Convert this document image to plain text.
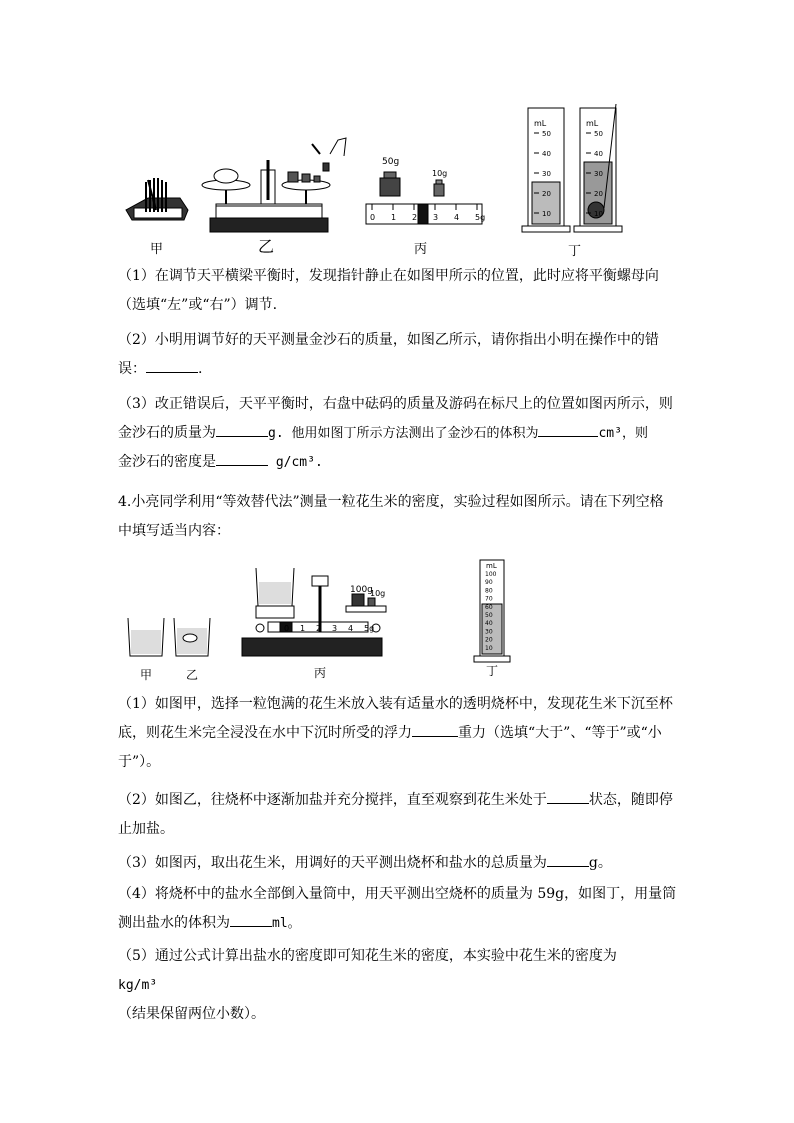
50g
10g
0 1 2 3 4 5g
mL	mL
50
40
30
20
10
50
40
30
20
10
甲	乙	丙	丁
（1）在调节天平横梁平衡时，发现指针静止在如图甲所示的位置，此时应将平衡螺母向
（选填“左”或“右”）调节.
（2）小明用调节好的天平测量金沙石的质量，如图乙所示，请你指出小明在操作中的错
误：	.
（3）改正错误后，天平平衡时，右盘中砝码的质量及游码在标尺上的位置如图丙所示，则
金沙石的质量为	g. 他用如图丁所示方法测出了金沙石的体积为	cm³，则
金沙石的密度是	g/cm³.
4.小亮同学利用“等效替代法”测量一粒花生米的密度，实验过程如图所示。请在下列空格
中填写适当内容：
100g
10g
0 1 2 3 4 5g
mL
100
90
80
70
60
50
40
30
20
10
甲	乙	丙	丁
（1）如图甲，选择一粒饱满的花生米放入装有适量水的透明烧杯中，发现花生米下沉至杯
底，则花生米完全浸没在水中下沉时所受的浮力	重力（选填“大于”、“等于”或“小
于”）。
（2）如图乙，往烧杯中逐渐加盐并充分搅拌，直至观察到花生米处于	状态，随即停
止加盐。
（3）如图丙，取出花生米，用调好的天平测出烧杯和盐水的总质量为	g。
（4）将烧杯中的盐水全部倒入量筒中，用天平测出空烧杯的质量为 59g，如图丁，用量筒
测出盐水的体积为	ml。
（5）通过公式计算出盐水的密度即可知花生米的密度，本实验中花生米的密度为
kg/m³
（结果保留两位小数）。
